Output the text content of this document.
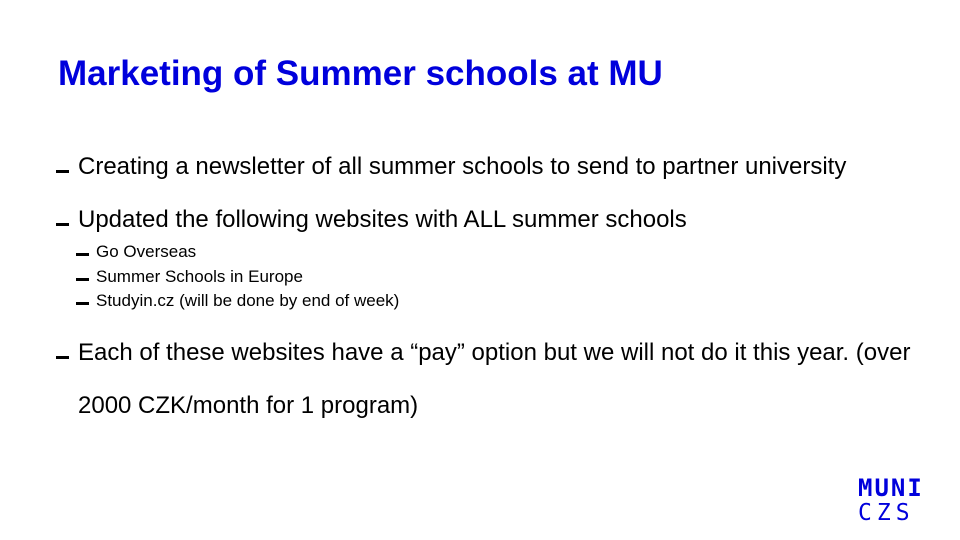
Marketing of Summer schools at MU
Creating a newsletter of all summer schools to send to partner university
Updated the following websites with ALL summer schools
Go Overseas
Summer Schools in Europe
Studyin.cz (will be done by end of week)
Each of these websites have a “pay” option but we will not do it this year. (over 2000 CZK/month for 1 program)
MUNI
CZS
